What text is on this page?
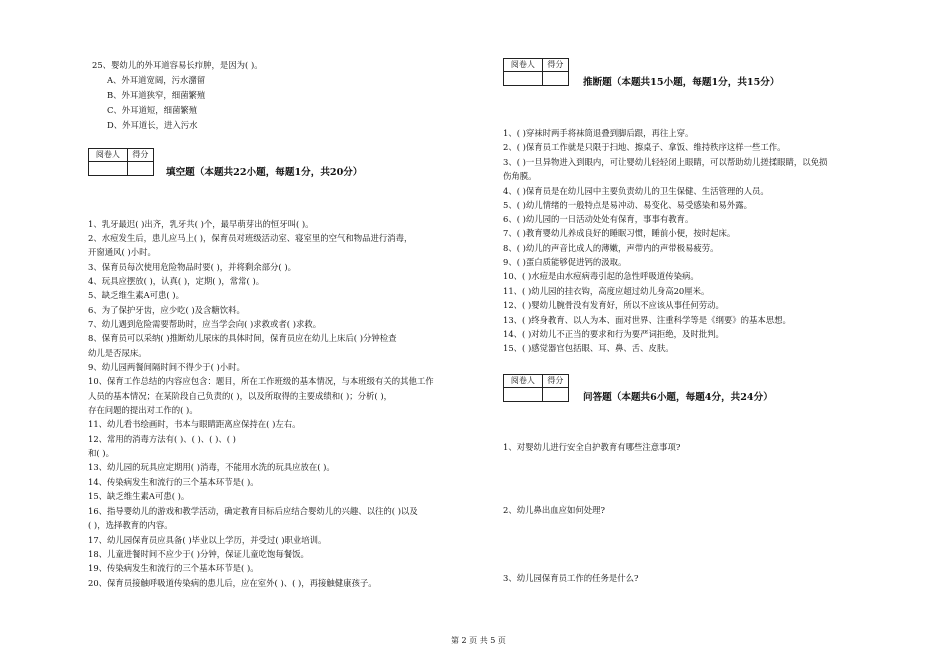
25、婴幼儿的外耳道容易长疖肿，是因为( )。
A、外耳道宽阔，污水潴留
B、外耳道狭窄，细菌繁殖
C、外耳道短，细菌繁殖
D、外耳道长，进入污水
阅卷人	得分

填空题（本题共22小题，每题1分，共20分）
1、乳牙最迟( )出齐，乳牙共( )个，最早萌芽出的恒牙叫( )。
2、水痘发生后，患儿应马上( )，保育员对班级活动室、寝室里的空气和物品进行消毒，
开窗通风( )小时。
3、保育员每次使用危险物品时要( )，并将剩余部分( )。
4、玩具应摆放( )，认真( )，定期( )，常常( )。
5、缺乏维生素A可患( )。
6、为了保护牙齿，应少吃( )及含糖饮料。
7、幼儿遇到危险需要帮助时，应当学会向( )求救或者( )求救。
8、保育员可以采纳( )推断幼儿尿床的具体时间，保育员应在幼儿上床后( )分钟检查
幼儿是否尿床。
9、幼儿园两餐间隔时间不得少于( )小时。
10、保育工作总结的内容应包含：题目，所在工作班级的基本情况，与本班级有关的其他工作
人员的基本情况；在某阶段自己负责的( )，以及所取得的主要成绩和( )；分析( )，
存在问题的提出对工作的( )。
11、幼儿看书绘画时，书本与眼睛距离应保持在( )左右。
12、常用的消毒方法有( )、( )、( )、( )
和( )。
13、幼儿园的玩具应定期用( )消毒，不能用水洗的玩具应放在( )。
14、传染病发生和流行的三个基本环节是( )。
15、缺乏维生素A可患( )。
16、指导婴幼儿的游戏和教学活动，确定教育目标后应结合婴幼儿的兴趣、以往的( )以及
( )，选择教育的内容。
17、幼儿园保育员应具备( )毕业以上学历，并受过( )职业培训。
18、儿童进餐时间不应少于( )分钟，保证儿童吃饱每餐饭。
19、传染病发生和流行的三个基本环节是( )。
20、保育员接触呼吸道传染病的患儿后，应在室外( )、( )，再接触健康孩子。
阅卷人	得分

推断题（本题共15小题，每题1分，共15分）
1、( )穿袜时两手将袜筒退叠到脚后跟，再往上穿。
2、( )保育员工作就是只限于扫地、擦桌子、拿饭、维持秩序这样一些工作。
3、( )一旦异物进入到眼内，可让婴幼儿轻轻闭上眼睛，可以帮助幼儿搓揉眼睛，以免损
伤角膜。
4、( )保育员是在幼儿园中主要负责幼儿的卫生保健、生活管理的人员。
5、( )幼儿情绪的一般特点是易冲动、易变化、易受感染和易外露。
6、( )幼儿园的一日活动处处有保育，事事有教育。
7、( )教育婴幼儿养成良好的睡眠习惯，睡前小便，按时起床。
8、( )幼儿的声音比成人的薄嫩，声带内的声带极易疲劳。
9、( )蛋白质能够促进钙的汲取。
10、( )水痘是由水痘病毒引起的急性呼吸道传染病。
11、( )幼儿园的挂衣钩，高度应超过幼儿身高20厘米。
12、( )婴幼儿腕骨没有发育好，所以不应该从事任何劳动。
13、( )终身教育、以人为本、面对世界、注重科学等是《纲要》的基本思想。
14、( )对幼儿不正当的要求和行为要严词拒绝，及时批判。
15、( )感觉器官包括眼、耳、鼻、舌、皮肤。
阅卷人	得分

问答题（本题共6小题，每题4分，共24分）
1、对婴幼儿进行安全自护教育有哪些注意事项?
2、幼儿鼻出血应如何处理?
3、幼儿园保育员工作的任务是什么?
第 2 页 共 5 页
